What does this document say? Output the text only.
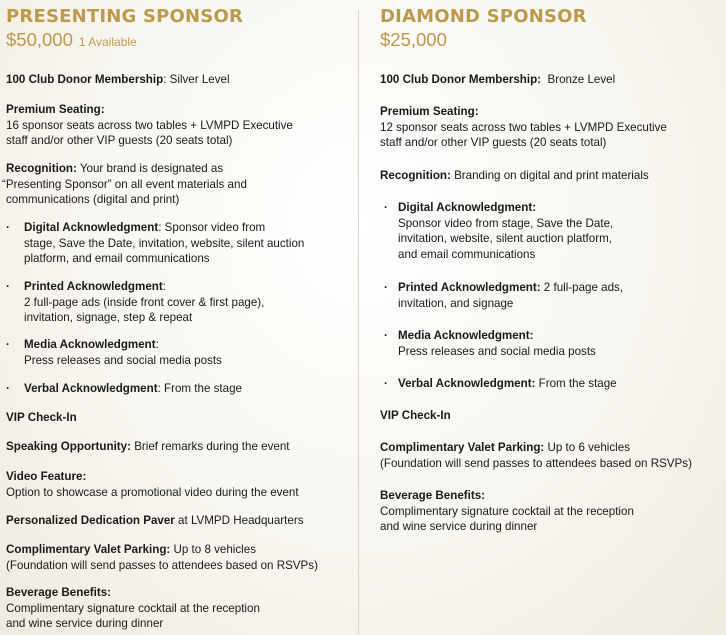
PRESENTING SPONSOR
$50,000 1 Available
100 Club Donor Membership: Silver Level
Premium Seating:
16 sponsor seats across two tables + LVMPD Executive
staff and/or other VIP guests (20 seats total)
Recognition: Your brand is designated as
“Presenting Sponsor” on all event materials and
communications (digital and print)
·	Digital Acknowledgment: Sponsor video from
stage, Save the Date, invitation, website, silent auction
platform, and email communications
·	Printed Acknowledgment:
2 full-page ads (inside front cover & first page),
invitation, signage, step & repeat
·	Media Acknowledgment:
Press releases and social media posts
·	Verbal Acknowledgment: From the stage
VIP Check-In
Speaking Opportunity: Brief remarks during the event
Video Feature:
Option to showcase a promotional video during the event
Personalized Dedication Paver at LVMPD Headquarters
Complimentary Valet Parking: Up to 8 vehicles
(Foundation will send passes to attendees based on RSVPs)
Beverage Benefits:
Complimentary signature cocktail at the reception
and wine service during dinner
DIAMOND SPONSOR
$25,000
100 Club Donor Membership:  Bronze Level
Premium Seating:
12 sponsor seats across two tables + LVMPD Executive
staff and/or other VIP guests (20 seats total)
Recognition: Branding on digital and print materials
· Digital Acknowledgment:
Sponsor video from stage, Save the Date,
invitation, website, silent auction platform,
and email communications
· Printed Acknowledgment: 2 full-page ads,
invitation, and signage
· Media Acknowledgment:
Press releases and social media posts
· Verbal Acknowledgment: From the stage
VIP Check-In
Complimentary Valet Parking: Up to 6 vehicles
(Foundation will send passes to attendees based on RSVPs)
Beverage Benefits:
Complimentary signature cocktail at the reception
and wine service during dinner
